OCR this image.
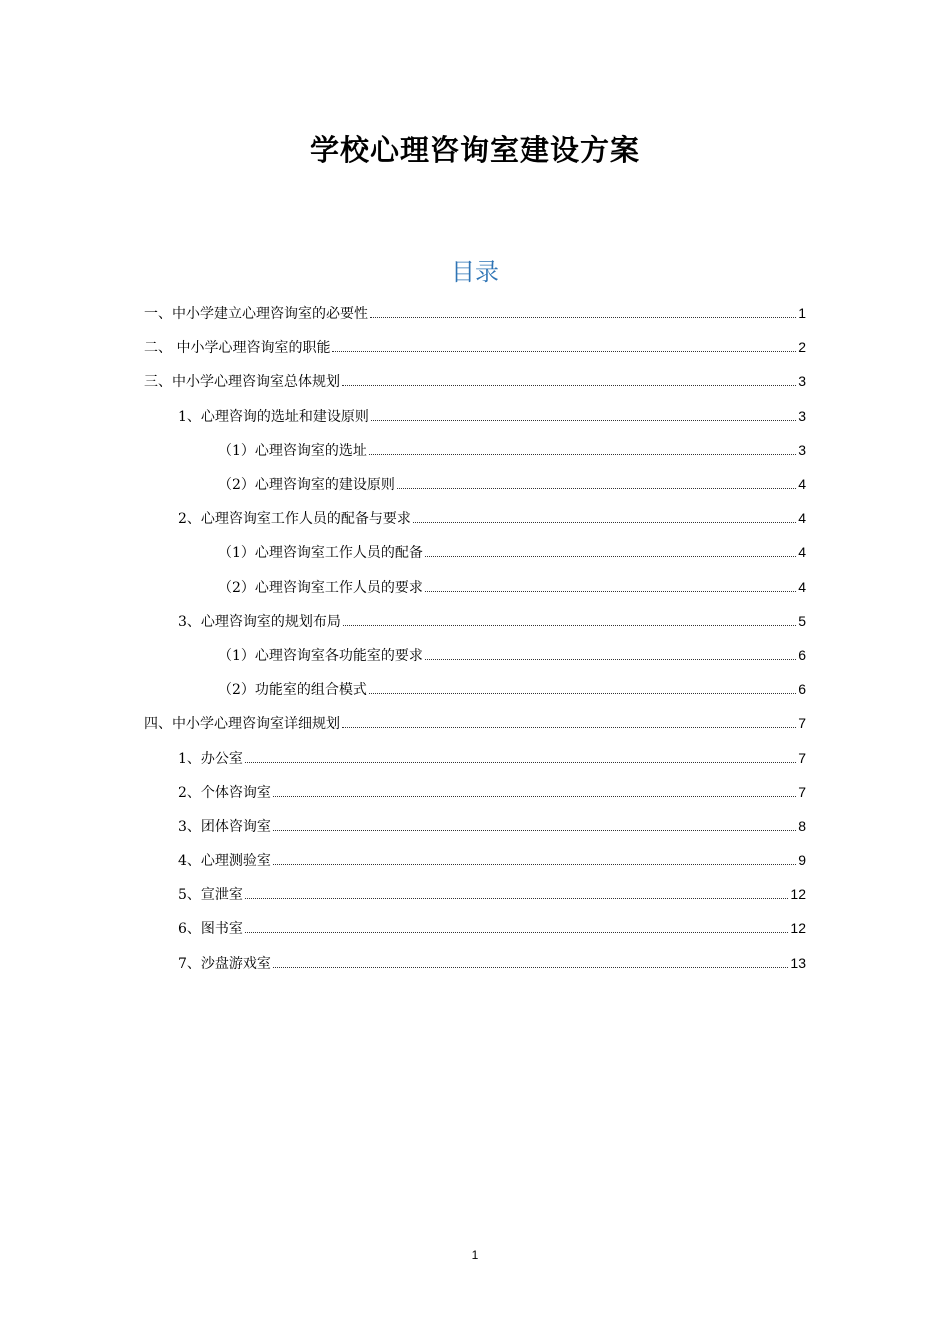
学校心理咨询室建设方案
目录
一、中小学建立心理咨询室的必要性	1
二、 中小学心理咨询室的职能	2
三、中小学心理咨询室总体规划	3
1、心理咨询的选址和建设原则	3
（1）心理咨询室的选址	3
（2）心理咨询室的建设原则	4
2、心理咨询室工作人员的配备与要求	4
（1）心理咨询室工作人员的配备	4
（2）心理咨询室工作人员的要求	4
3、心理咨询室的规划布局	5
（1）心理咨询室各功能室的要求	6
（2）功能室的组合模式	6
四、中小学心理咨询室详细规划	7
1、办公室	7
2、个体咨询室	7
3、团体咨询室	8
4、心理测验室	9
5、宣泄室	12
6、图书室	12
7、沙盘游戏室	13
1
